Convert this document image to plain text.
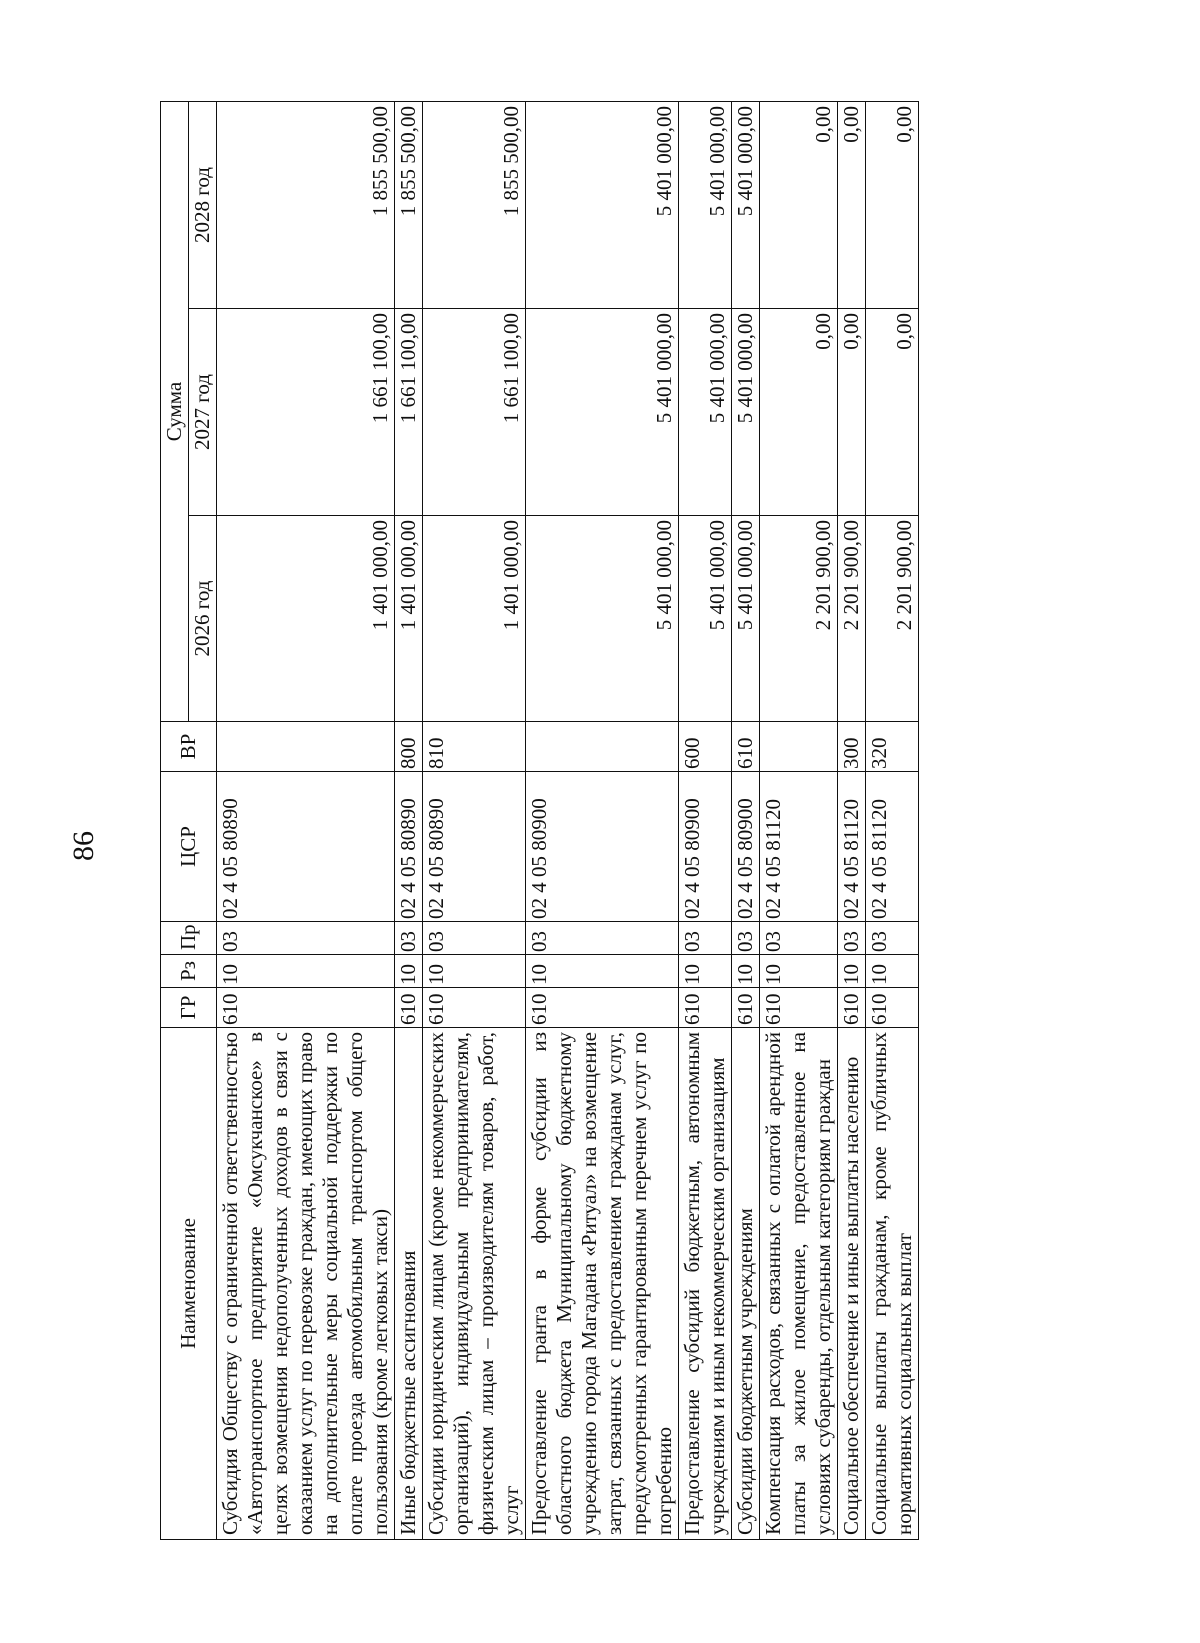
86
Наименование	ГР	Рз	Пр	ЦСР	ВР	Сумма		
						2026 год	2027 год	2028 год
Субсидия Обществу с ограниченной ответственностью «Автотранспортное предприятие «Омсукчанское» в целях возмещения недополученных доходов в связи с оказанием услуг по перевозке граждан, имеющих право на дополнительные меры социальной поддержки по оплате проезда автомобильным транспортом общего пользования (кроме легковых такси)	610	10	03	02 4 05 80890		1 401 000,00	1 661 100,00	1 855 500,00
Иные бюджетные ассигнования	610	10	03	02 4 05 80890	800	1 401 000,00	1 661 100,00	1 855 500,00
Субсидии юридическим лицам (кроме некоммерческих организаций), индивидуальным предпринимателям, физическим лицам – производителям товаров, работ, услуг	610	10	03	02 4 05 80890	810	1 401 000,00	1 661 100,00	1 855 500,00
Предоставление гранта в форме субсидии из областного бюджета Муниципальному бюджетному учреждению города Магадана «Ритуал» на возмещение затрат, связанных с предоставлением гражданам услуг, предусмотренных гарантированным перечнем услуг по погребению	610	10	03	02 4 05 80900		5 401 000,00	5 401 000,00	5 401 000,00
Предоставление субсидий бюджетным, автономным учреждениям и иным некоммерческим организациям	610	10	03	02 4 05 80900	600	5 401 000,00	5 401 000,00	5 401 000,00
Субсидии бюджетным учреждениям	610	10	03	02 4 05 80900	610	5 401 000,00	5 401 000,00	5 401 000,00
Компенсация расходов, связанных с оплатой арендной платы за жилое помещение, предоставленное на условиях субаренды, отдельным категориям граждан	610	10	03	02 4 05 81120		2 201 900,00	0,00	0,00
Социальное обеспечение и иные выплаты населению	610	10	03	02 4 05 81120	300	2 201 900,00	0,00	0,00
Социальные выплаты гражданам, кроме публичных нормативных социальных выплат	610	10	03	02 4 05 81120	320	2 201 900,00	0,00	0,00
